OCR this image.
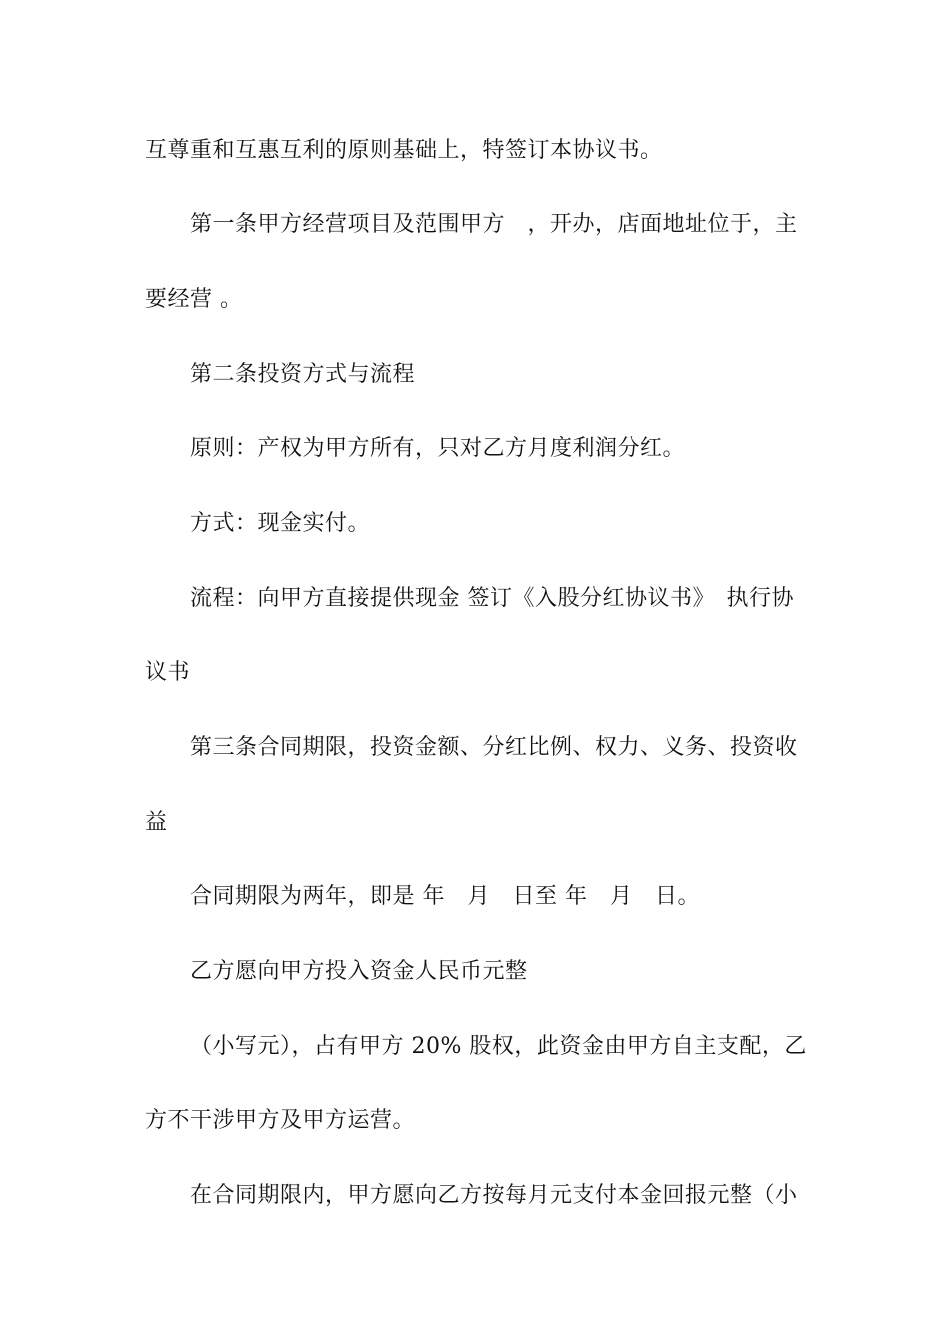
互尊重和互惠互利的原则基础上，特签订本协议书。
第一条甲方经营项目及范围甲方　，开办，店面地址位于，主
要经营 。
第二条投资方式与流程
原则：产权为甲方所有，只对乙方月度利润分红。
方式：现金实付。
流程：向甲方直接提供现金 签订《入股分红协议书》　执行协
议书
第三条合同期限，投资金额、分红比例、权力、义务、投资收
益
合同期限为两年，即是 年　月　日至 年　月　日。
乙方愿向甲方投入资金人民币元整
（小写元），占有甲方 20% 股权，此资金由甲方自主支配，乙
方不干涉甲方及甲方运营。
在合同期限内，甲方愿向乙方按每月元支付本金回报元整（小
